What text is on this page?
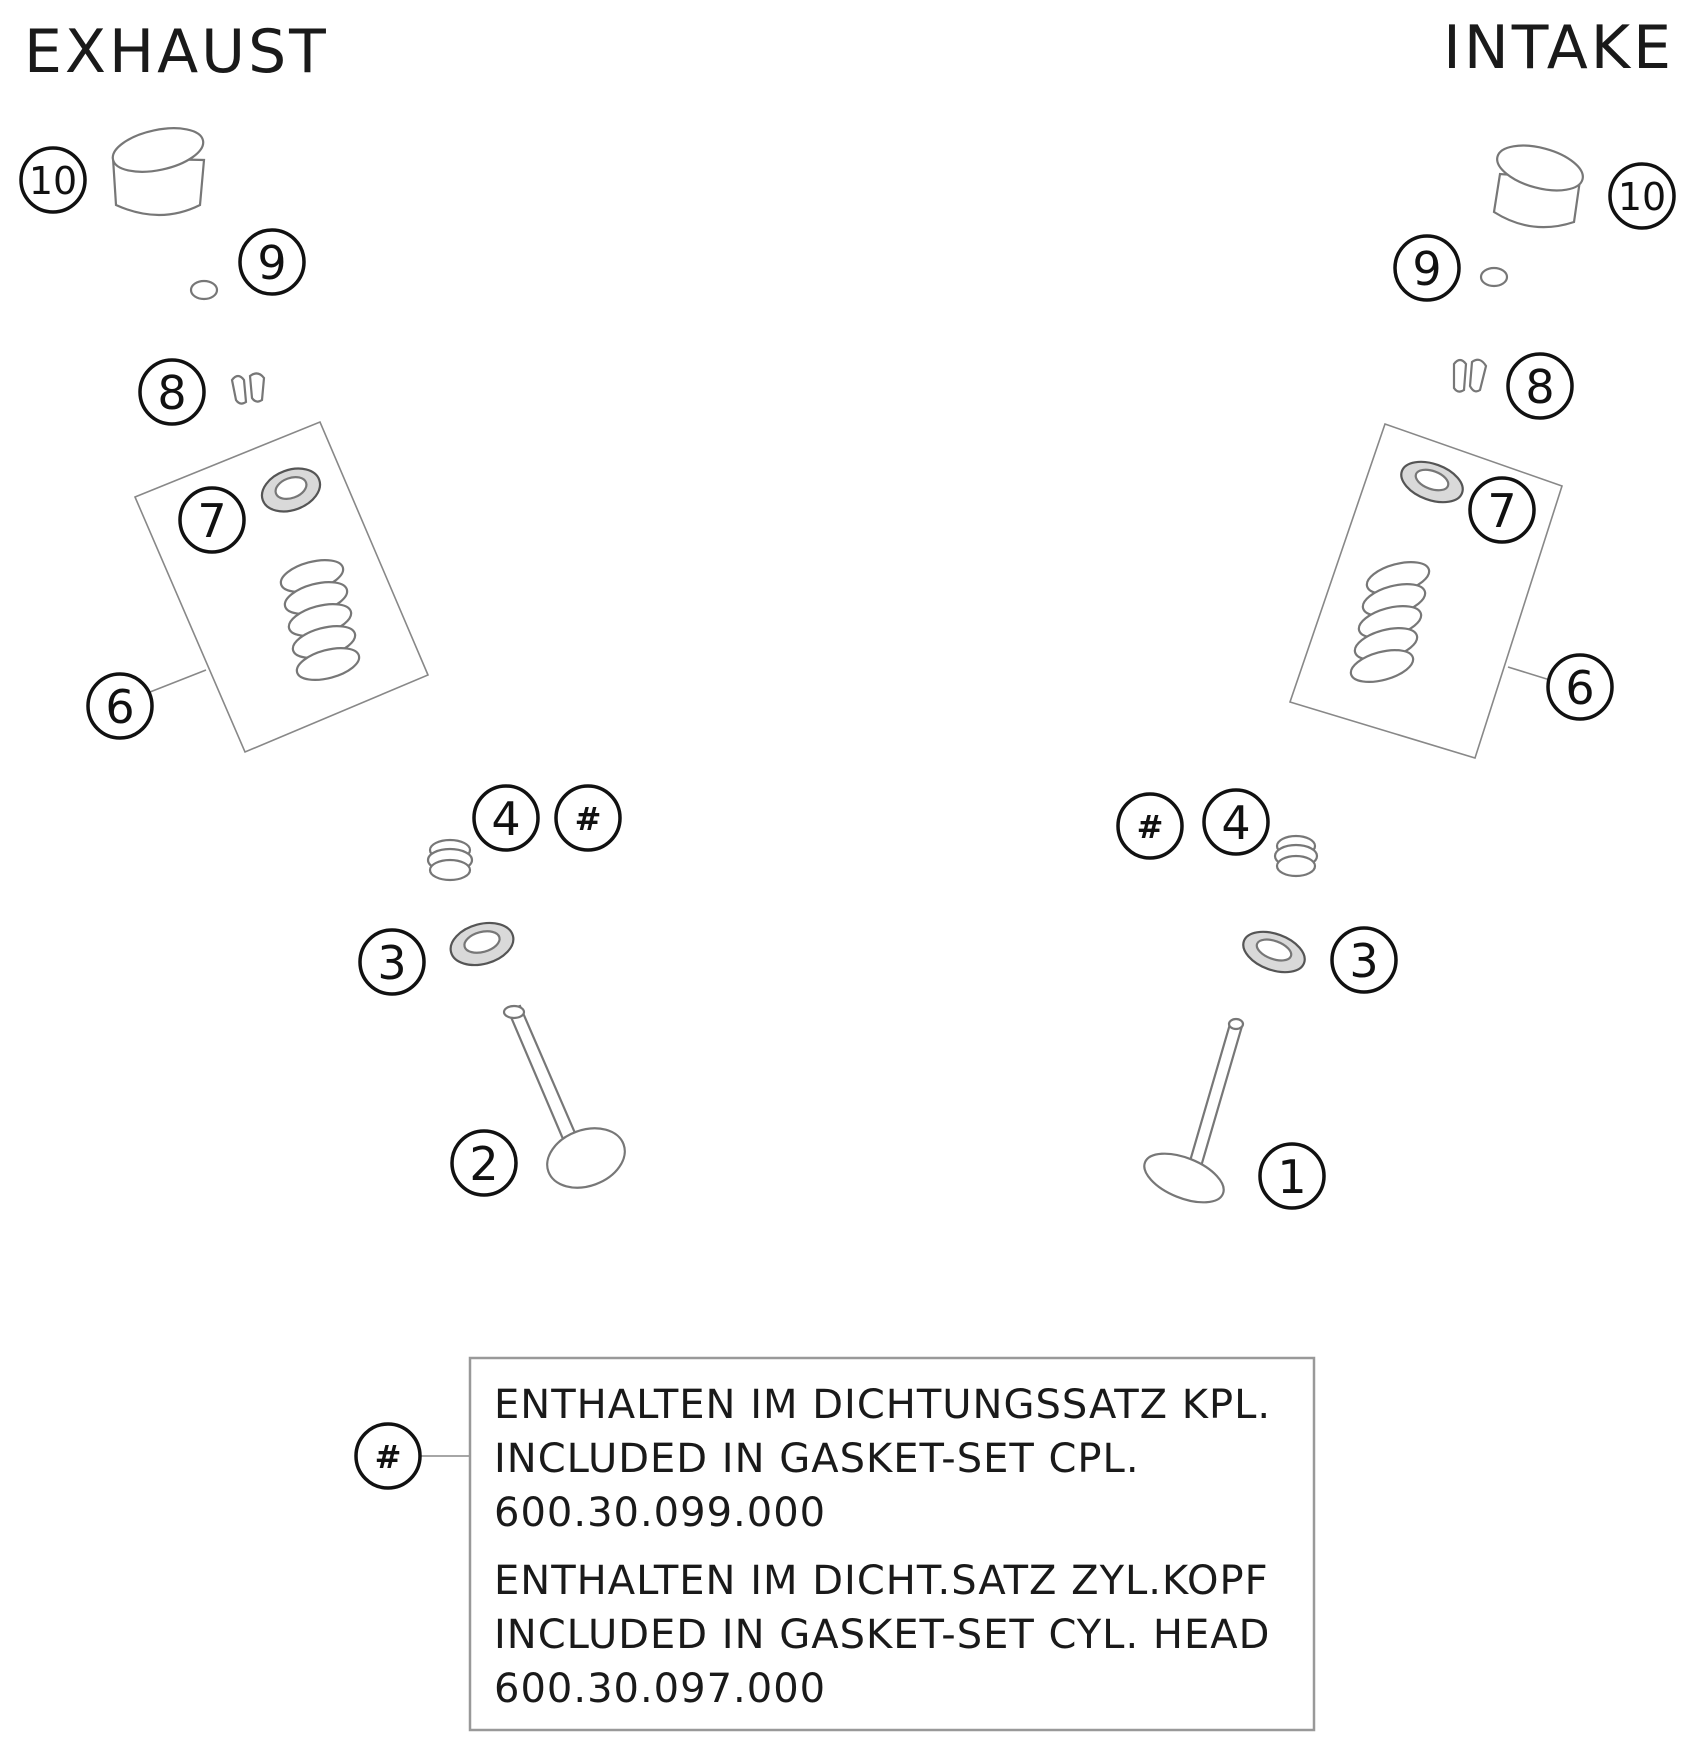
EXHAUST	INTAKE
10
9
8
7
6
4 #
3
2
10
9
8
7
6
# 4
3
1
#
ENTHALTEN IM DICHTUNGSSATZ KPL.
INCLUDED IN GASKET-SET CPL.
600.30.099.000
ENTHALTEN IM DICHT.SATZ ZYL.KOPF
INCLUDED IN GASKET-SET CYL. HEAD
600.30.097.000
